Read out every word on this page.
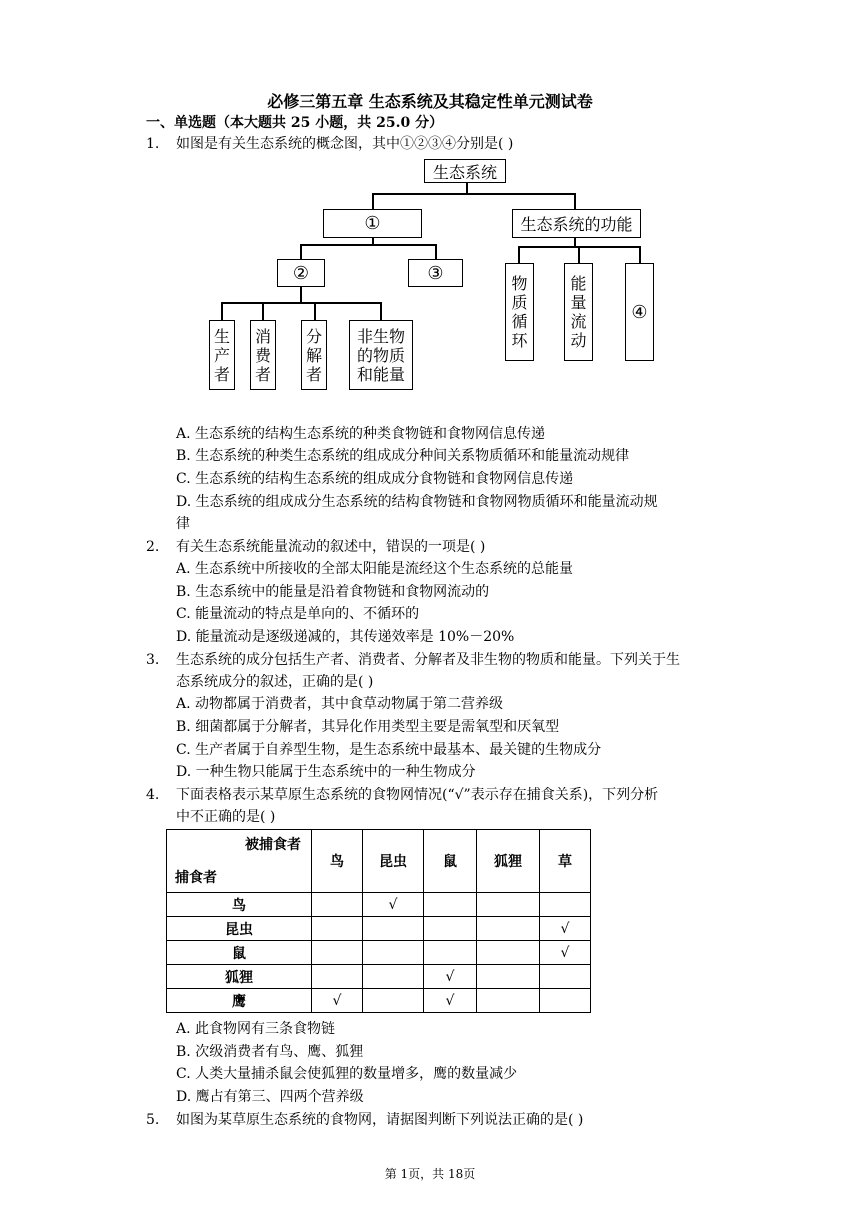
必修三第五章 生态系统及其稳定性单元测试卷
一、单选题（本大题共 25 小题，共 25.0 分）
1. 如图是有关生态系统的概念图，其中①②③④分别是( )
生态系统
①	生态系统的功能
②	③
生
产
者
消
费
者
分
解
者
非生物
的物质
和能量
物
质
循
环
能
量
流
动
④
A. 生态系统的结构生态系统的种类食物链和食物网信息传递
B. 生态系统的种类生态系统的组成成分种间关系物质循环和能量流动规律
C. 生态系统的结构生态系统的组成成分食物链和食物网信息传递
D. 生态系统的组成成分生态系统的结构食物链和食物网物质循环和能量流动规
律
2. 有关生态系统能量流动的叙述中，错误的一项是( )
A. 生态系统中所接收的全部太阳能是流经这个生态系统的总能量
B. 生态系统中的能量是沿着食物链和食物网流动的
C. 能量流动的特点是单向的、不循环的
D. 能量流动是逐级递减的，其传递效率是 10%－20%
3. 生态系统的成分包括生产者、消费者、分解者及非生物的物质和能量。下列关于生
态系统成分的叙述，正确的是( )
A. 动物都属于消费者，其中食草动物属于第二营养级
B. 细菌都属于分解者，其异化作用类型主要是需氧型和厌氧型
C. 生产者属于自养型生物，是生态系统中最基本、最关键的生物成分
D. 一种生物只能属于生态系统中的一种生物成分
4. 下面表格表示某草原生态系统的食物网情况(“√”表示存在捕食关系)，下列分析
中不正确的是( )
被捕食者
捕食者	鸟	昆虫	鼠	狐狸	草
鸟		√			
昆虫					√
鼠					√
狐狸			√		
鹰	√		√		
A. 此食物网有三条食物链
B. 次级消费者有鸟、鹰、狐狸
C. 人类大量捕杀鼠会使狐狸的数量增多，鹰的数量减少
D. 鹰占有第三、四两个营养级
5. 如图为某草原生态系统的食物网，请据图判断下列说法正确的是( )
第 1页，共 18页
